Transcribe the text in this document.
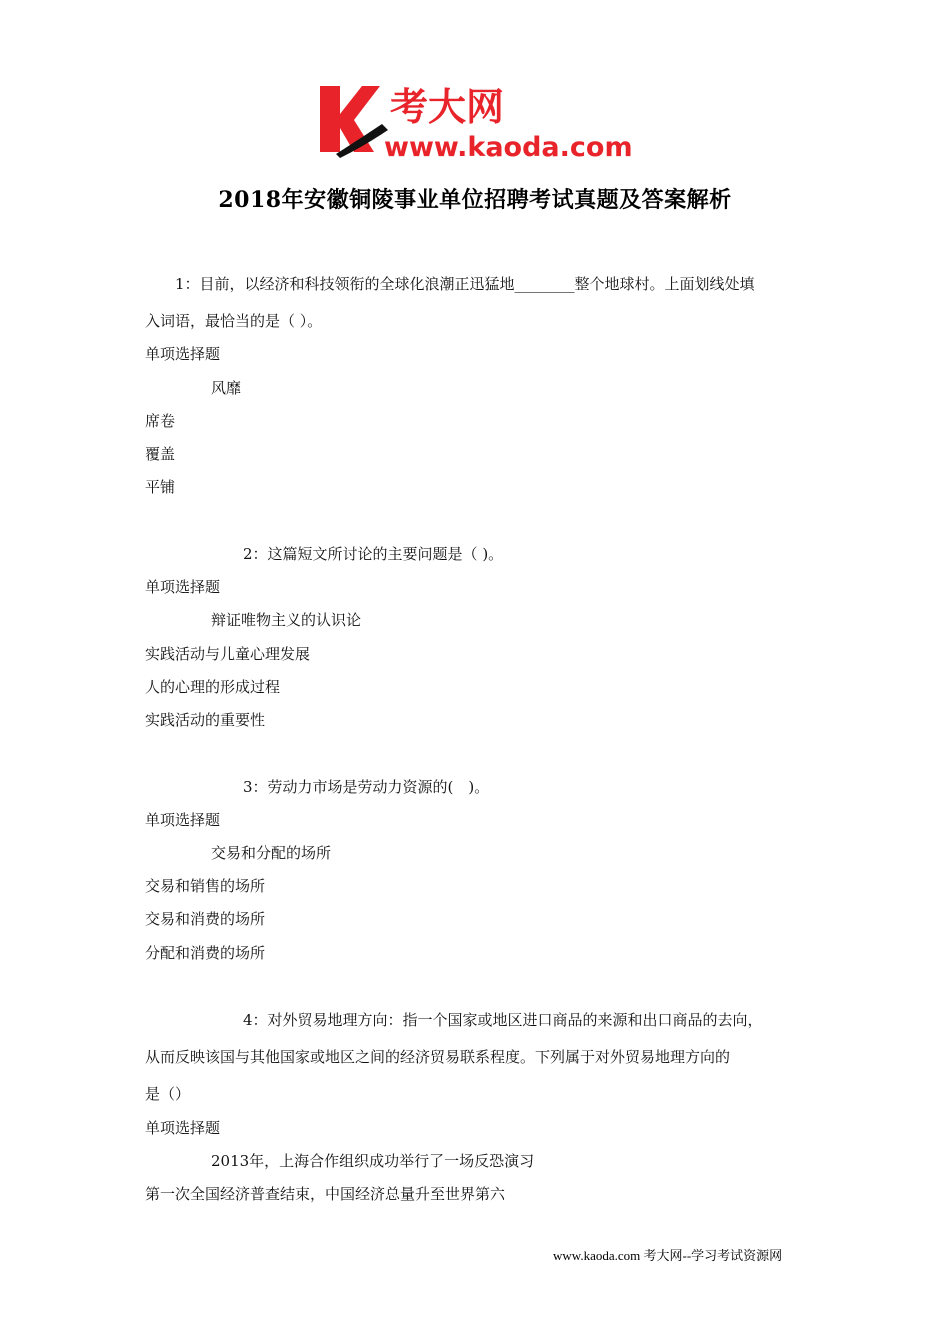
考大网
www.kaoda.com
2018年安徽铜陵事业单位招聘考试真题及答案解析
1：目前，以经济和科技领衔的全球化浪潮正迅猛地________整个地球村。上面划线处填
入词语，最恰当的是（ ）。
单项选择题
风靡
席卷
覆盖
平铺
2：这篇短文所讨论的主要问题是（ )。
单项选择题
辩证唯物主义的认识论
实践活动与儿童心理发展
人的心理的形成过程
实践活动的重要性
3：劳动力市场是劳动力资源的(　)。
单项选择题
交易和分配的场所
交易和销售的场所
交易和消费的场所
分配和消费的场所
4：对外贸易地理方向：指一个国家或地区进口商品的来源和出口商品的去向，
从而反映该国与其他国家或地区之间的经济贸易联系程度。下列属于对外贸易地理方向的
是（）
单项选择题
2013年，上海合作组织成功举行了一场反恐演习
第一次全国经济普查结束，中国经济总量升至世界第六
www.kaoda.com 考大网--学习考试资源网
